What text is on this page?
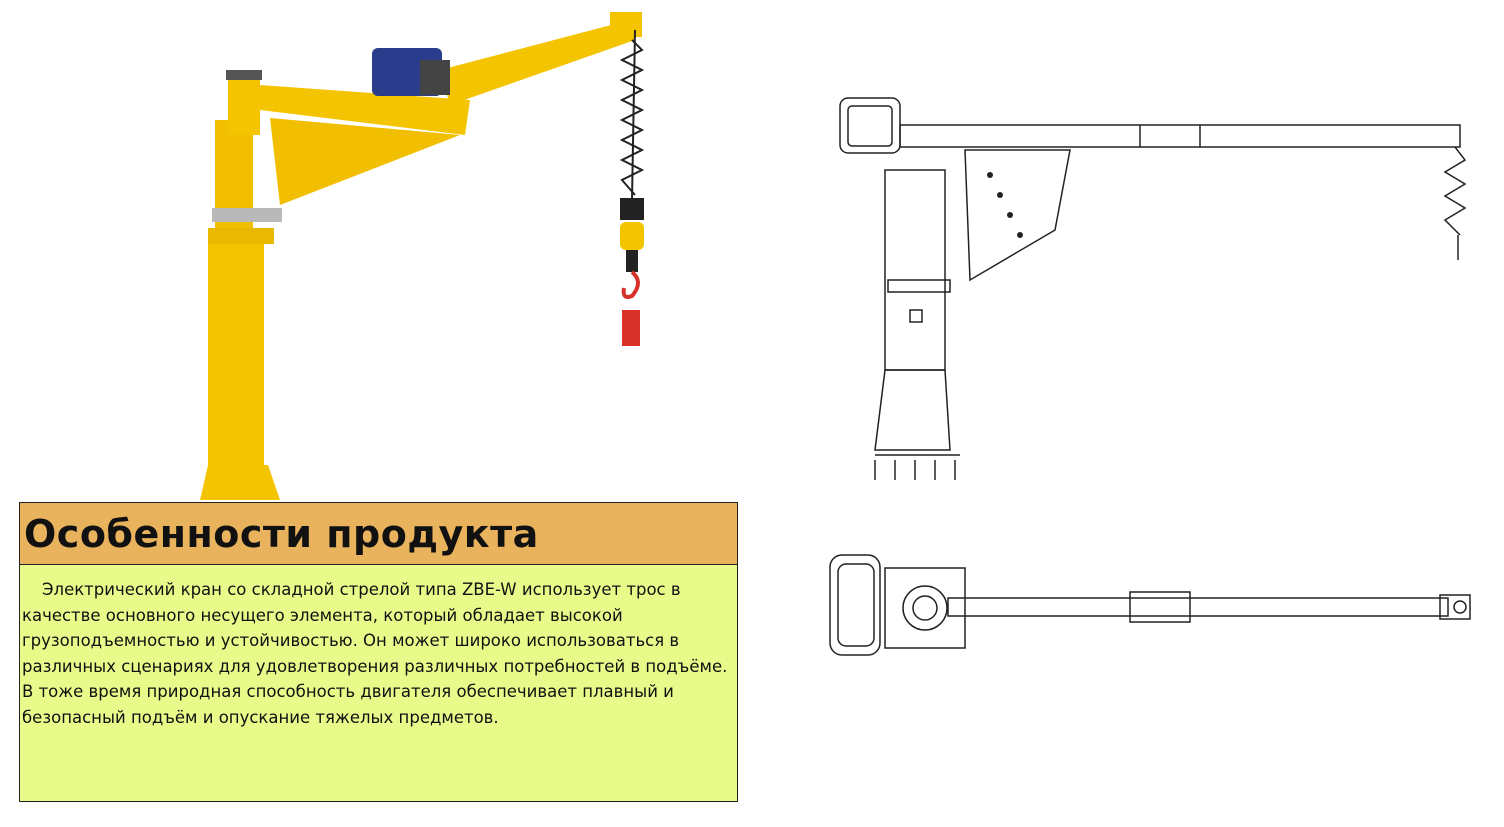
Особенности продукта
Электрический кран со складной стрелой типа ZBE-W использует трос в качестве основного несущего элемента, который обладает высокой грузоподъемностью и устойчивостью. Он может широко использоваться в различных сценариях для удовлетворения различных потребностей в подъёме. В тоже время природная способность двигателя обеспечивает плавный и безопасный подъём и опускание тяжелых предметов.
